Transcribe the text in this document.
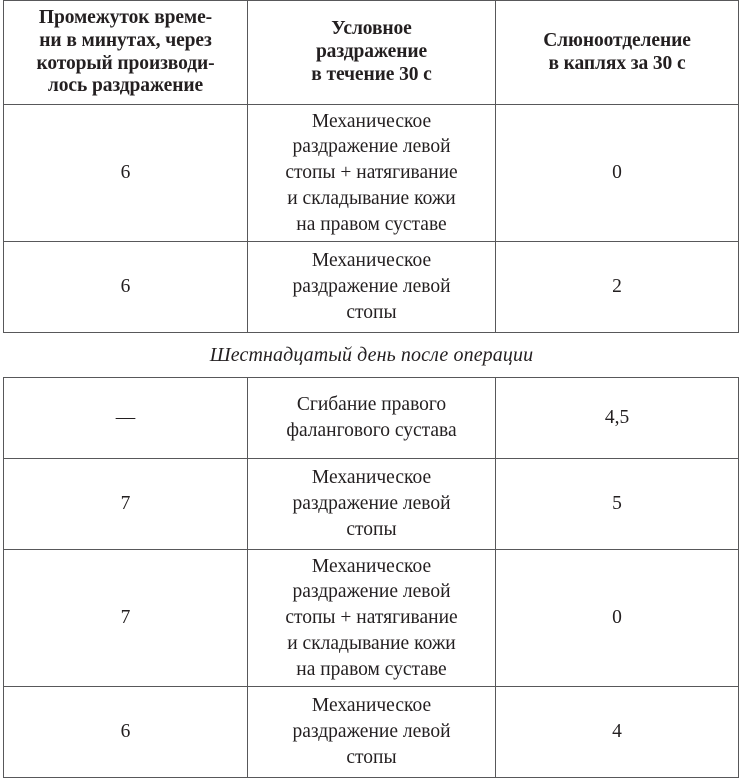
Промежуток време-
ни в минутах, через
который производи-
лось раздражение	Условное
раздражение
в течение 30 с	Слюноотделение
в каплях за 30 с

6	Механическое
раздражение левой
стопы + натягивание
и складывание кожи
на правом суставе	0
6	Механическое
раздражение левой
стопы	2
Шестнадцатый день после операции
—	Сгибание правого
фалангового сустава	4,5
7	Механическое
раздражение левой
стопы	5
7	Механическое
раздражение левой
стопы + натягивание
и складывание кожи
на правом суставе	0
6	Механическое
раздражение левой
стопы	4
